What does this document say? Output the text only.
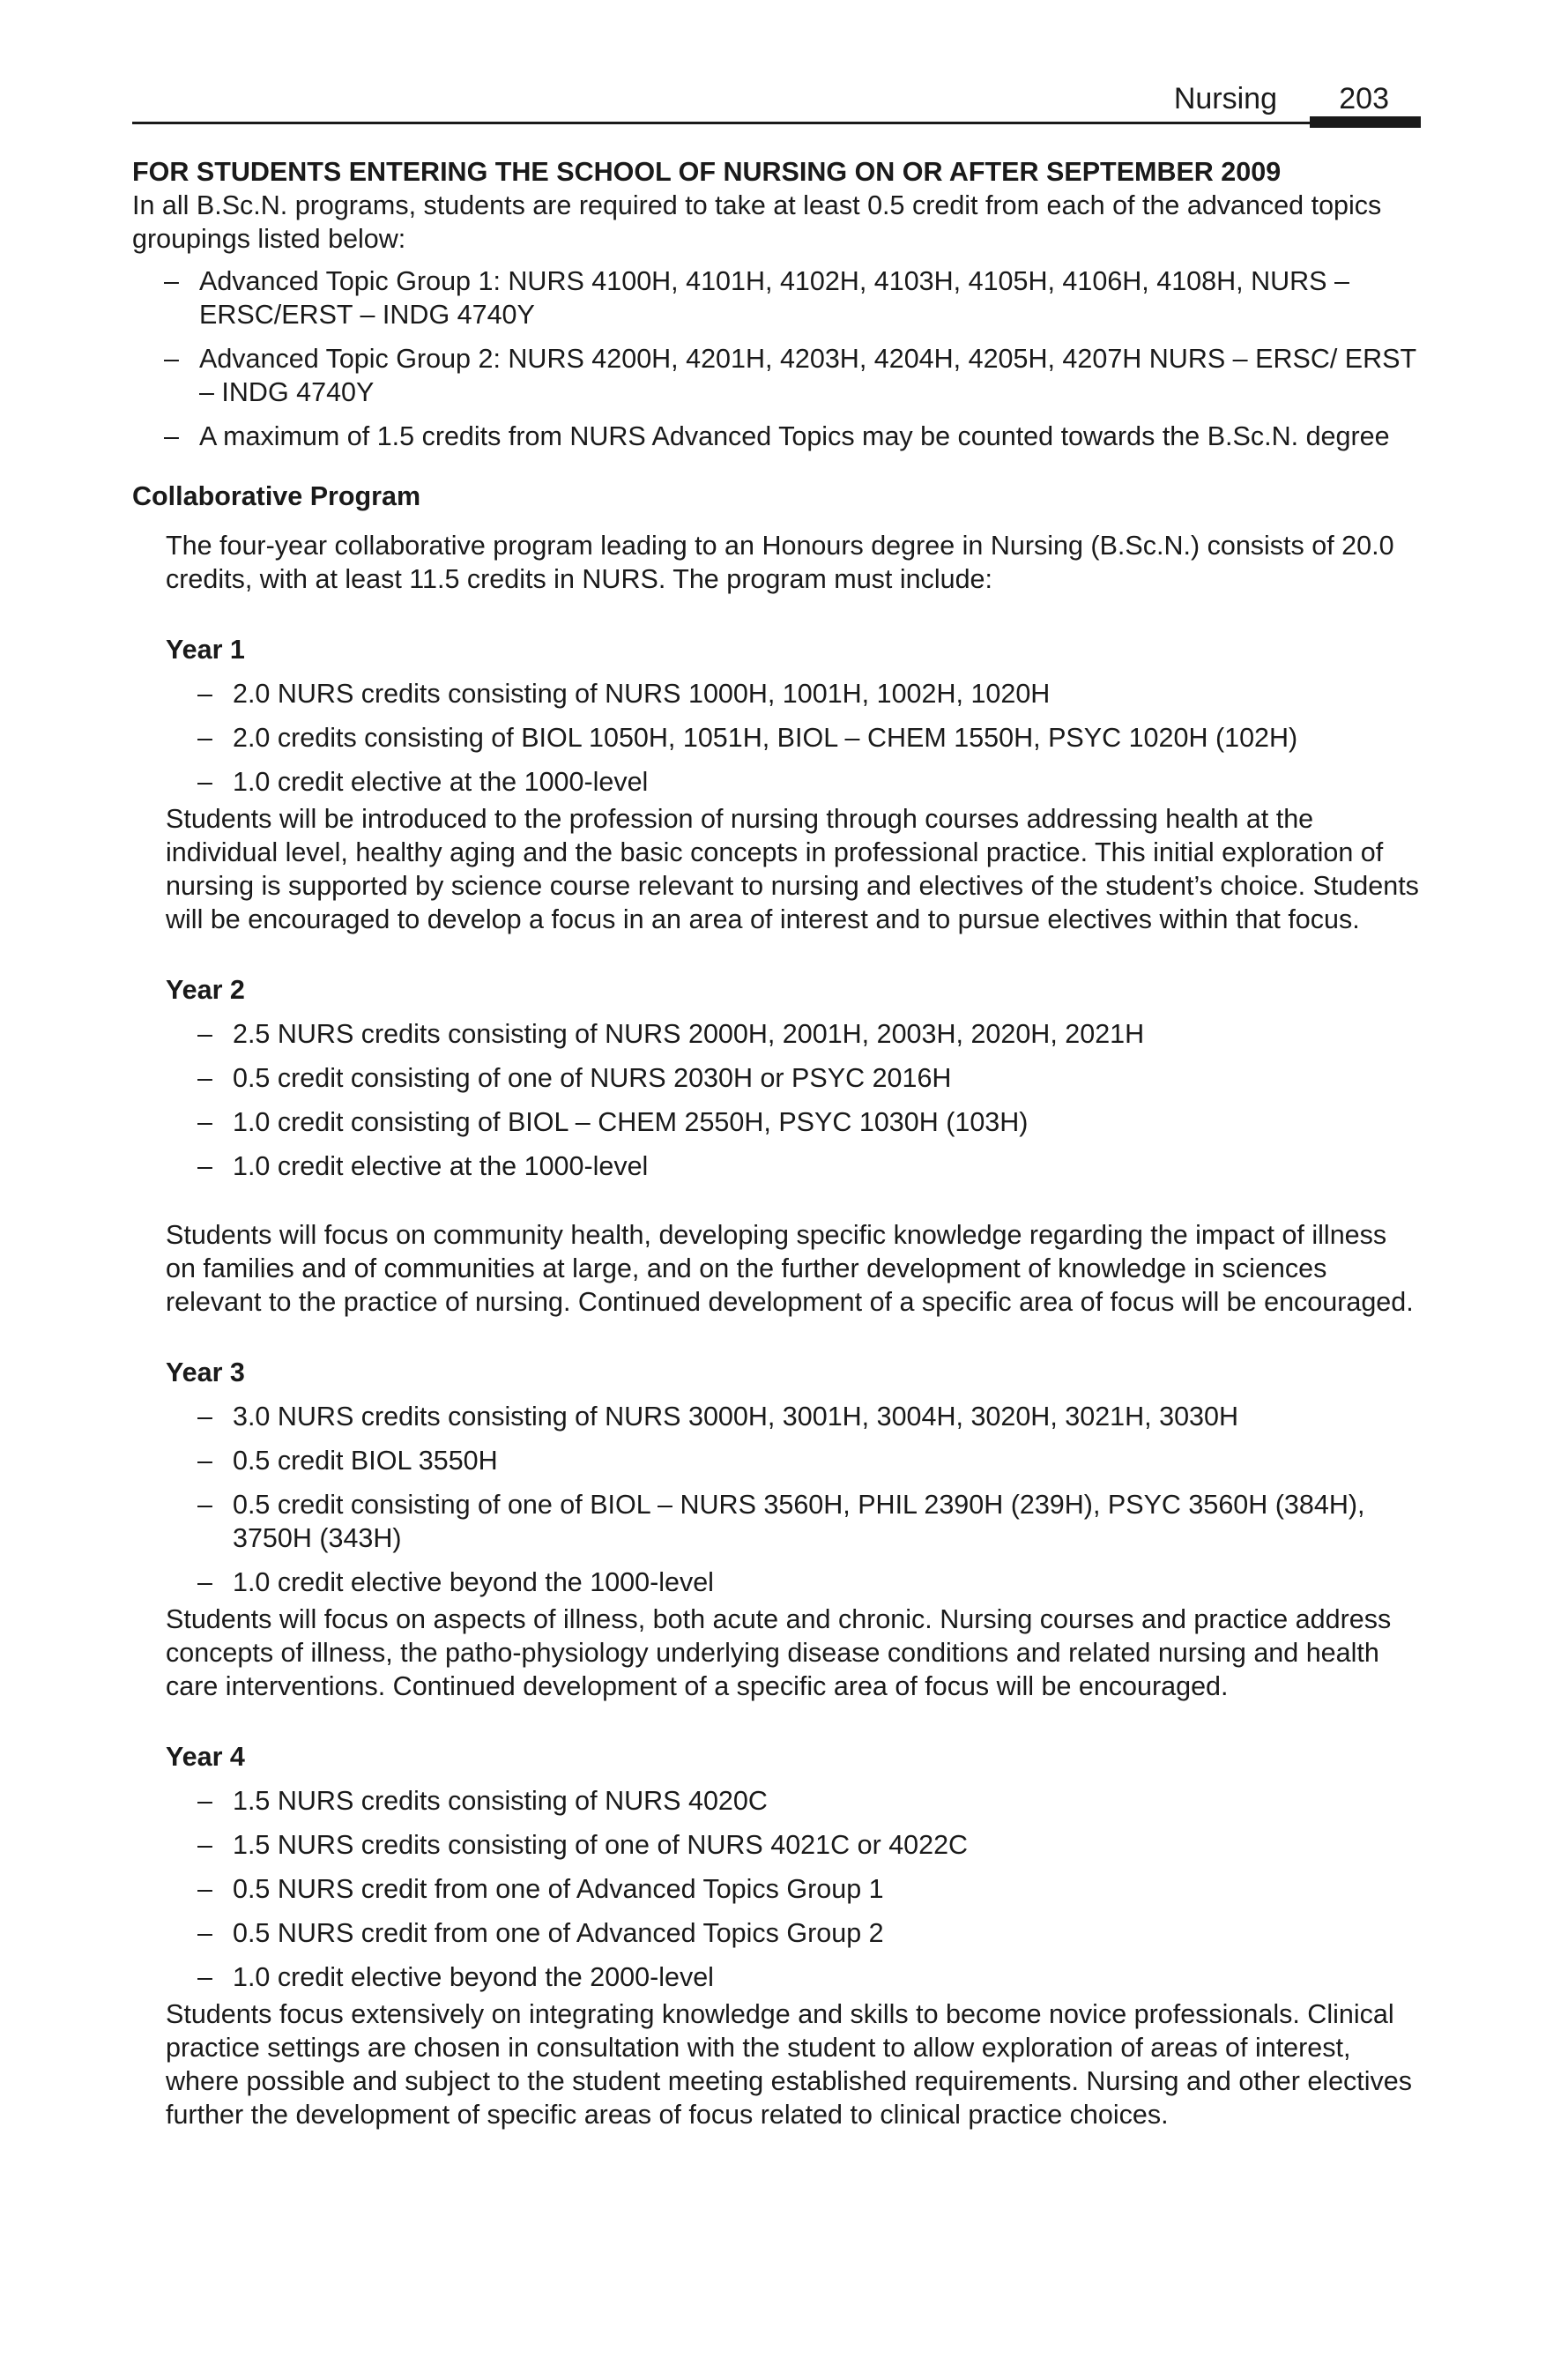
Nursing 203

FOR STUDENTS ENTERING THE SCHOOL OF NURSING ON OR AFTER SEPTEMBER 2009

In all B.Sc.N. programs, students are required to take at least 0.5 credit from each of the advanced topics groupings listed below:

– Advanced Topic Group 1: NURS 4100H, 4101H, 4102H, 4103H, 4105H, 4106H, 4108H, NURS – ERSC/ERST – INDG 4740Y
– Advanced Topic Group 2: NURS 4200H, 4201H, 4203H, 4204H, 4205H, 4207H NURS – ERSC/ ERST – INDG 4740Y
– A maximum of 1.5 credits from NURS Advanced Topics may be counted towards the B.Sc.N. degree

Collaborative Program

The four-year collaborative program leading to an Honours degree in Nursing (B.Sc.N.) consists of 20.0 credits, with at least 11.5 credits in NURS. The program must include:

Year 1

– 2.0 NURS credits consisting of NURS 1000H, 1001H, 1002H, 1020H
– 2.0 credits consisting of BIOL 1050H, 1051H, BIOL – CHEM 1550H, PSYC 1020H (102H)
– 1.0 credit elective at the 1000-level

Students will be introduced to the profession of nursing through courses addressing health at the individual level, healthy aging and the basic concepts in professional practice. This initial exploration of nursing is supported by science course relevant to nursing and electives of the student’s choice. Students will be encouraged to develop a focus in an area of interest and to pursue electives within that focus.

Year 2

– 2.5 NURS credits consisting of NURS 2000H, 2001H, 2003H, 2020H, 2021H
– 0.5 credit consisting of one of NURS 2030H or PSYC 2016H
– 1.0 credit consisting of BIOL – CHEM 2550H, PSYC 1030H (103H)
– 1.0 credit elective at the 1000-level

Students will focus on community health, developing specific knowledge regarding the impact of illness on families and of communities at large, and on the further development of knowledge in sciences relevant to the practice of nursing. Continued development of a specific area of focus will be encouraged.

Year 3

– 3.0 NURS credits consisting of NURS 3000H, 3001H, 3004H, 3020H, 3021H, 3030H
– 0.5 credit BIOL 3550H
– 0.5 credit consisting of one of BIOL – NURS 3560H, PHIL 2390H (239H), PSYC 3560H (384H), 3750H (343H)
– 1.0 credit elective beyond the 1000-level

Students will focus on aspects of illness, both acute and chronic. Nursing courses and practice address concepts of illness, the patho-physiology underlying disease conditions and related nursing and health care interventions. Continued development of a specific area of focus will be encouraged.

Year 4

– 1.5 NURS credits consisting of NURS 4020C
– 1.5 NURS credits consisting of one of NURS 4021C or 4022C
– 0.5 NURS credit from one of Advanced Topics Group 1
– 0.5 NURS credit from one of Advanced Topics Group 2
– 1.0 credit elective beyond the 2000-level

Students focus extensively on integrating knowledge and skills to become novice professionals. Clinical practice settings are chosen in consultation with the student to allow exploration of areas of interest, where possible and subject to the student meeting established requirements. Nursing and other electives further the development of specific areas of focus related to clinical practice choices.
